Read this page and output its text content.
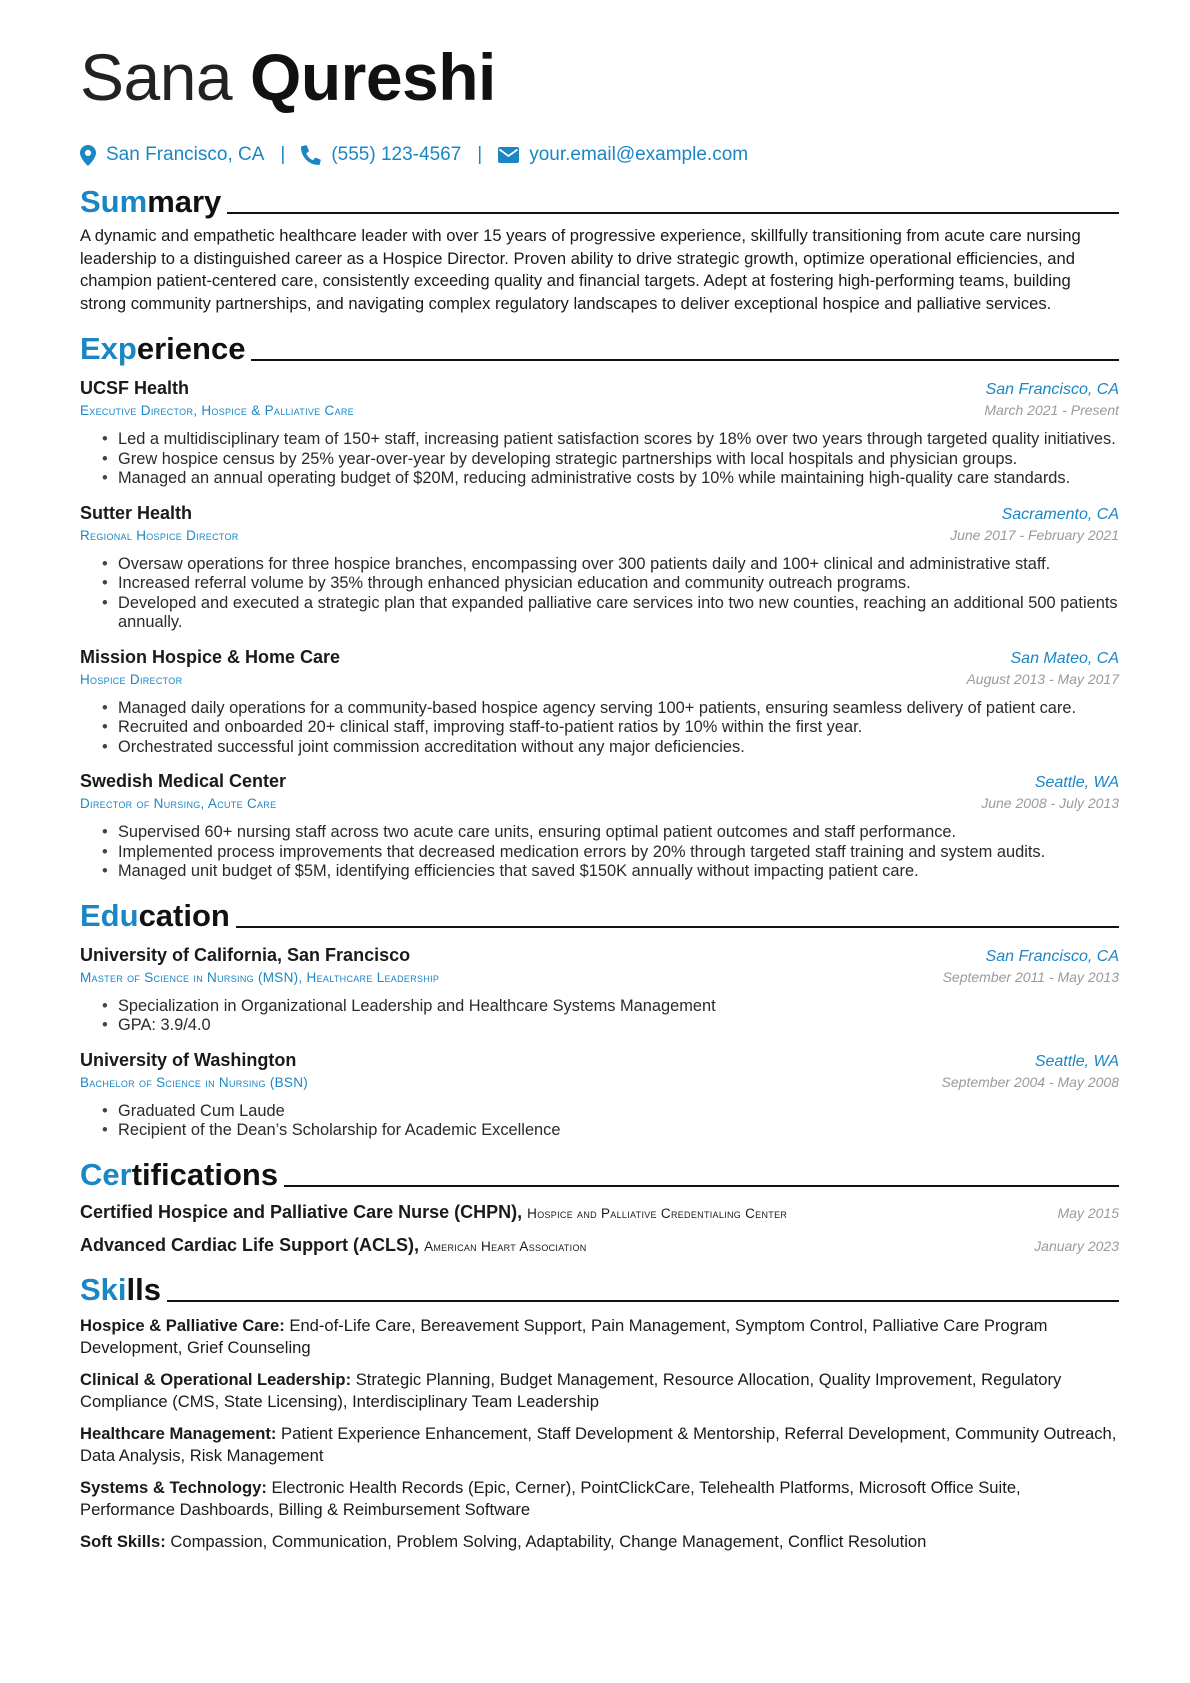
Sana Qureshi
San Francisco, CA | (555) 123-4567 | your.email@example.com
Summary

A dynamic and empathetic healthcare leader with over 15 years of progressive experience, skillfully transitioning from acute care nursing leadership to a distinguished career as a Hospice Director. Proven ability to drive strategic growth, optimize operational efficiencies, and champion patient-centered care, consistently exceeding quality and financial targets. Adept at fostering high-performing teams, building strong community partnerships, and navigating complex regulatory landscapes to deliver exceptional hospice and palliative services.

Experience
UCSF Health	San Francisco, CA
Executive Director, Hospice & Palliative Care	March 2021 - Present
• Led a multidisciplinary team of 150+ staff, increasing patient satisfaction scores by 18% over two years through targeted quality initiatives.
• Grew hospice census by 25% year-over-year by developing strategic partnerships with local hospitals and physician groups.
• Managed an annual operating budget of $20M, reducing administrative costs by 10% while maintaining high-quality care standards.
Sutter Health	Sacramento, CA
Regional Hospice Director	June 2017 - February 2021
• Oversaw operations for three hospice branches, encompassing over 300 patients daily and 100+ clinical and administrative staff.
• Increased referral volume by 35% through enhanced physician education and community outreach programs.
• Developed and executed a strategic plan that expanded palliative care services into two new counties, reaching an additional 500 patients annually.
Mission Hospice & Home Care	San Mateo, CA
Hospice Director	August 2013 - May 2017
• Managed daily operations for a community-based hospice agency serving 100+ patients, ensuring seamless delivery of patient care.
• Recruited and onboarded 20+ clinical staff, improving staff-to-patient ratios by 10% within the first year.
• Orchestrated successful joint commission accreditation without any major deficiencies.
Swedish Medical Center	Seattle, WA
Director of Nursing, Acute Care	June 2008 - July 2013
• Supervised 60+ nursing staff across two acute care units, ensuring optimal patient outcomes and staff performance.
• Implemented process improvements that decreased medication errors by 20% through targeted staff training and system audits.
• Managed unit budget of $5M, identifying efficiencies that saved $150K annually without impacting patient care.
Education
University of California, San Francisco	San Francisco, CA
Master of Science in Nursing (MSN), Healthcare Leadership	September 2011 - May 2013
• Specialization in Organizational Leadership and Healthcare Systems Management
• GPA: 3.9/4.0
University of Washington	Seattle, WA
Bachelor of Science in Nursing (BSN)	September 2004 - May 2008
• Graduated Cum Laude
• Recipient of the Dean’s Scholarship for Academic Excellence
Certifications
Certified Hospice and Palliative Care Nurse (CHPN), Hospice and Palliative Credentialing Center	May 2015
Advanced Cardiac Life Support (ACLS), American Heart Association	January 2023
Skills
Hospice & Palliative Care: End-of-Life Care, Bereavement Support, Pain Management, Symptom Control, Palliative Care Program Development, Grief Counseling
Clinical & Operational Leadership: Strategic Planning, Budget Management, Resource Allocation, Quality Improvement, Regulatory Compliance (CMS, State Licensing), Interdisciplinary Team Leadership
Healthcare Management: Patient Experience Enhancement, Staff Development & Mentorship, Referral Development, Community Outreach, Data Analysis, Risk Management
Systems & Technology: Electronic Health Records (Epic, Cerner), PointClickCare, Telehealth Platforms, Microsoft Office Suite, Performance Dashboards, Billing & Reimbursement Software
Soft Skills: Compassion, Communication, Problem Solving, Adaptability, Change Management, Conflict Resolution
